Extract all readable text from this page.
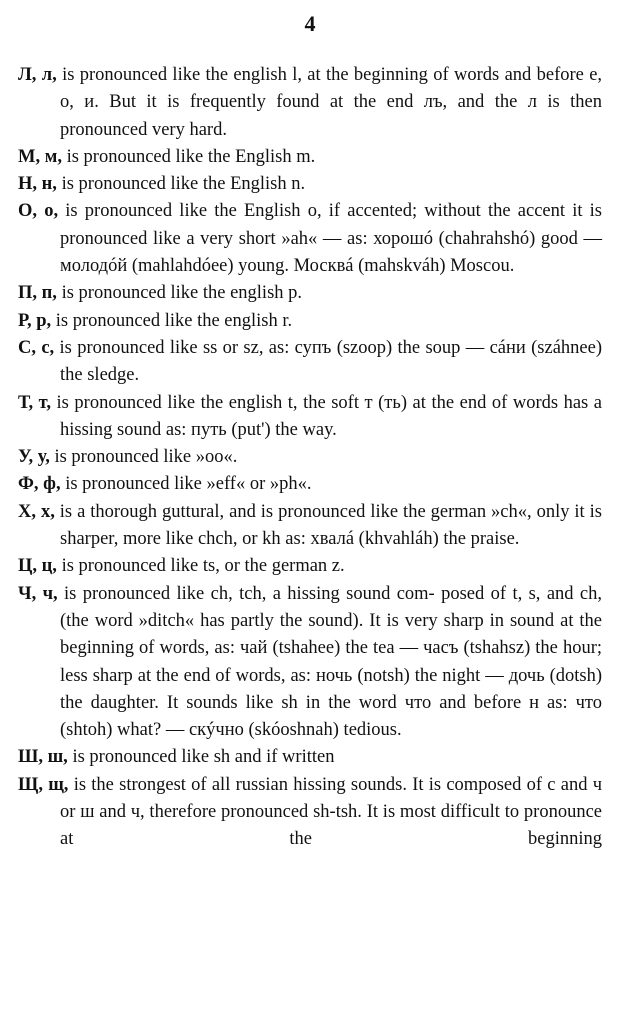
4
Л, л, is pronounced like the english l, at the beginning of words and before е, о, и. But it is frequently found at the end лъ, and the л is then pronounced very hard.
М, м, is pronounced like the English m.
Н, н, is pronounced like the English n.
О, о, is pronounced like the English o, if accented; without the accent it is pronounced like a very short »ah« — as: хорошó (chahrahshó) good — молодóй (mahlahdóee) young. Москвá (mahskváh) Moscou.
П, п, is pronounced like the english p.
Р, р, is pronounced like the english r.
С, с, is pronounced like ss or sz, as: супъ (szoop) the soup — сáни (száhnee) the sledge.
Т, т, is pronounced like the english t, the soft т (ть) at the end of words has a hissing sound as: путь (put') the way.
У, у, is pronounced like »oo«.
Ф, ф, is pronounced like »eff« or »ph«.
Х, х, is a thorough guttural, and is pronounced like the german »ch«, only it is sharper, more like chch, or kh as: хвалá (khvahláh) the praise.
Ц, ц, is pronounced like ts, or the german z.
Ч, ч, is pronounced like ch, tch, a hissing sound com- posed of t, s, and ch, (the word »ditch« has partly the sound). It is very sharp in sound at the beginning of words, as: чай (tshahee) the tea — часъ (tshahsz) the hour; less sharp at the end of words, as: ночь (notsh) the night — дочь (dotsh) the daughter. It sounds like sh in the word что and before н as: что (shtoh) what? — скýчно (skóoshnah) tedious.
Ш, ш, is pronounced like sh and if written
Щ, щ, is the strongest of all russian hissing sounds. It is composed of с and ч or ш and ч, therefore pronounced sh-tsh. It is most difficult to pronounce at the beginning
